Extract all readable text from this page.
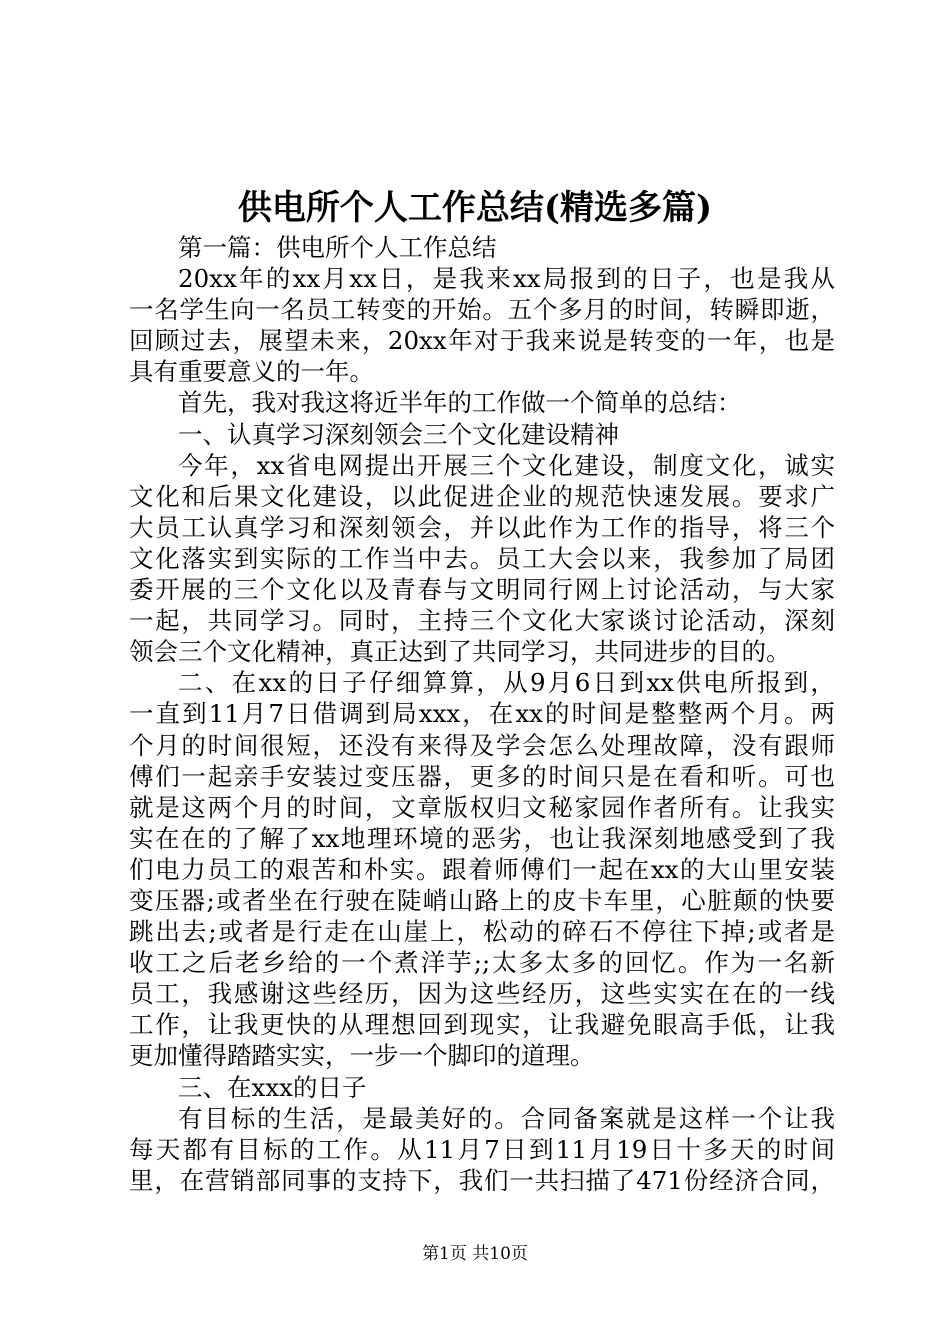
供电所个人工作总结(精选多篇)
第一篇：供电所个人工作总结
20xx年的xx月xx日，是我来xx局报到的日子，也是我从
一名学生向一名员工转变的开始。五个多月的时间，转瞬即逝，
回顾过去，展望未来，20xx年对于我来说是转变的一年，也是
具有重要意义的一年。
首先，我对我这将近半年的工作做一个简单的总结：
一、认真学习深刻领会三个文化建设精神
今年，xx省电网提出开展三个文化建设，制度文化，诚实
文化和后果文化建设，以此促进企业的规范快速发展。要求广
大员工认真学习和深刻领会，并以此作为工作的指导，将三个
文化落实到实际的工作当中去。员工大会以来，我参加了局团
委开展的三个文化以及青春与文明同行网上讨论活动，与大家
一起，共同学习。同时，主持三个文化大家谈讨论活动，深刻
领会三个文化精神，真正达到了共同学习，共同进步的目的。
二、在xx的日子仔细算算，从9月6日到xx供电所报到，
一直到11月7日借调到局xxx，在xx的时间是整整两个月。两
个月的时间很短，还没有来得及学会怎么处理故障，没有跟师
傅们一起亲手安装过变压器，更多的时间只是在看和听。可也
就是这两个月的时间，文章版权归文秘家园作者所有。让我实
实在在的了解了xx地理环境的恶劣，也让我深刻地感受到了我
们电力员工的艰苦和朴实。跟着师傅们一起在xx的大山里安装
变压器;或者坐在行驶在陡峭山路上的皮卡车里，心脏颠的快要
跳出去;或者是行走在山崖上，松动的碎石不停往下掉;或者是
收工之后老乡给的一个煮洋芋;;太多太多的回忆。作为一名新
员工，我感谢这些经历，因为这些经历，这些实实在在的一线
工作，让我更快的从理想回到现实，让我避免眼高手低，让我
更加懂得踏踏实实，一步一个脚印的道理。
三、在xxx的日子
有目标的生活，是最美好的。合同备案就是这样一个让我
每天都有目标的工作。从11月7日到11月19日十多天的时间
里，在营销部同事的支持下，我们一共扫描了471份经济合同，
第1页 共10页
